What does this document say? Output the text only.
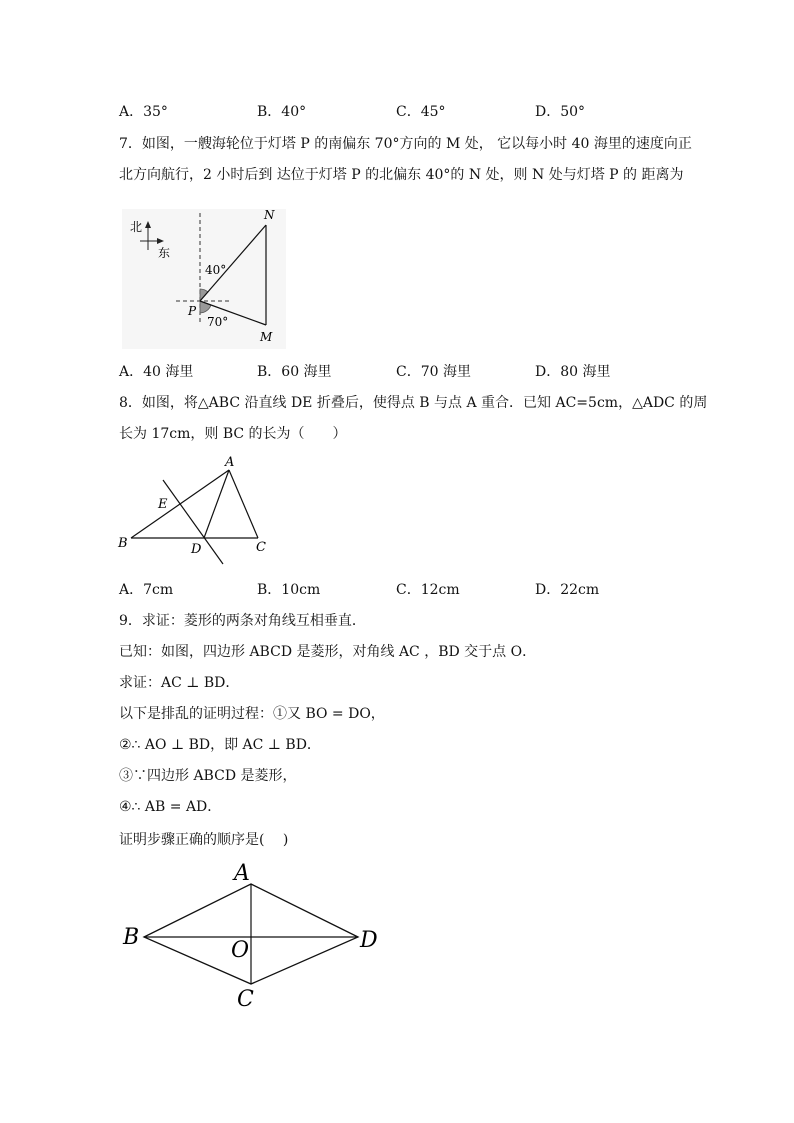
A．35°	B．40°	C．45°	D．50°
7．如图，一艘海轮位于灯塔 P 的南偏东 70°方向的 M 处， 它以每小时 40 海里的速度向正
北方向航行，2 小时后到 达位于灯塔 P 的北偏东 40°的 N 处，则 N 处与灯塔 P 的 距离为
北
东
N
P
M
40°
70°
A．40 海里	B．60 海里	C．70 海里	D．80 海里
8．如图，将△ABC 沿直线 DE 折叠后，使得点 B 与点 A 重合．已知 AC=5cm，△ADC 的周
长为 17cm，则 BC 的长为（　　）
A
B	C
D
E
A．7cm	B．10cm	C．12cm	D．22cm
9．求证：菱形的两条对角线互相垂直．
已知：如图，四边形 ABCD 是菱形，对角线 AC ，BD 交于点 O．
求证：AC ⊥ BD．
以下是排乱的证明过程：①又 BO = DO，
②∴ AO ⊥ BD，即 AC ⊥ BD．
③∵四边形 ABCD 是菱形，
④∴ AB = AD．
证明步骤正确的顺序是(　 )
A
B
C
D
O
